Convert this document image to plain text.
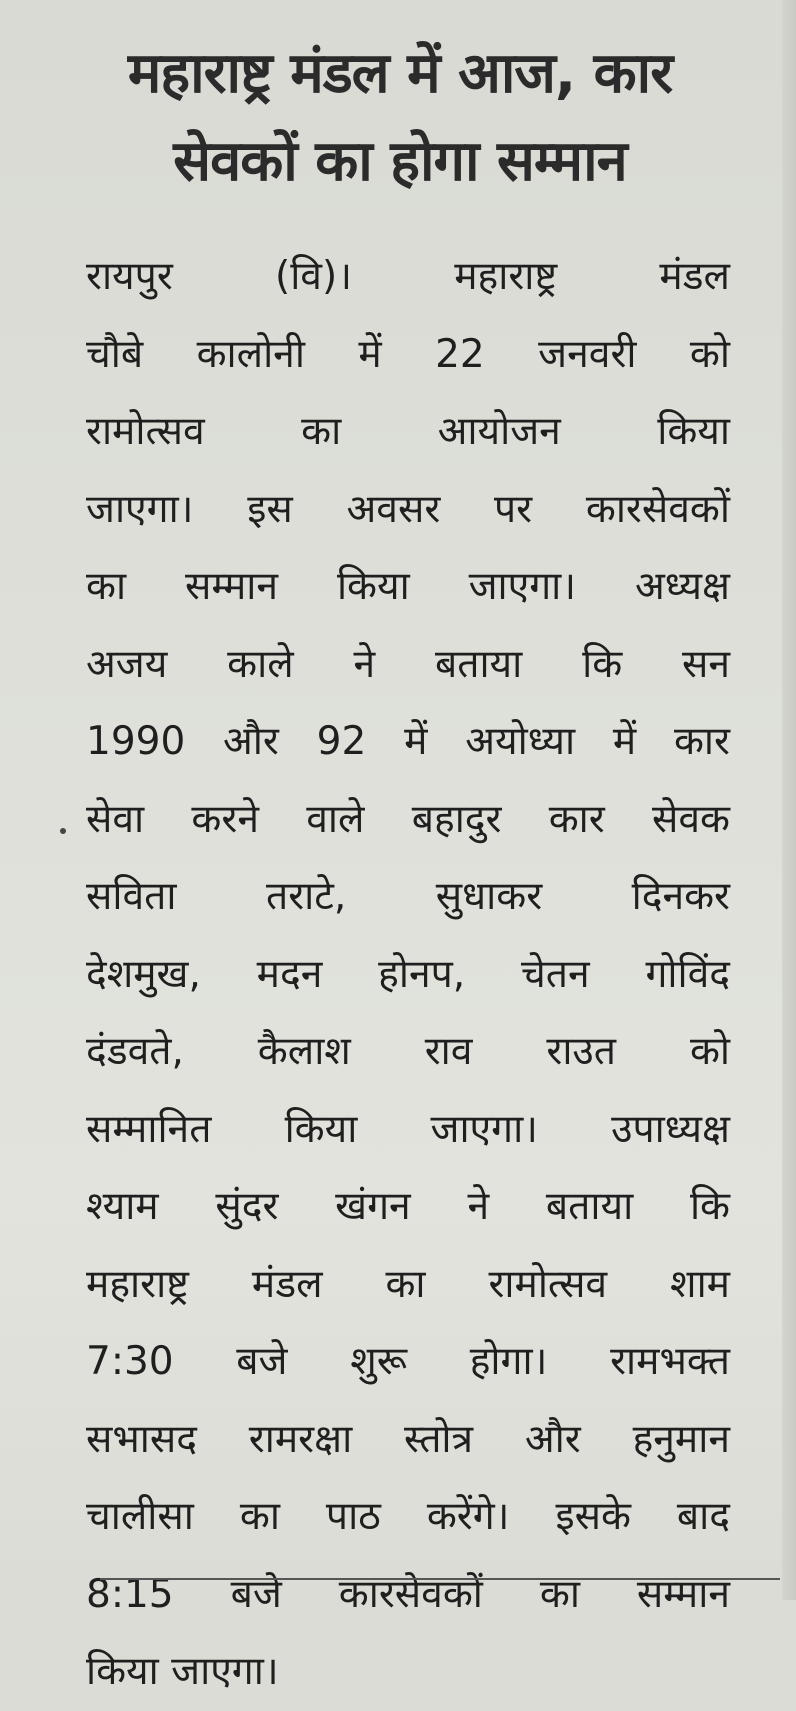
महाराष्ट्र मंडल में आज, कार
सेवकों का होगा सम्मान
रायपुर (वि)। महाराष्ट्र मंडल
चौबे कालोनी में 22 जनवरी को
रामोत्सव का आयोजन किया
जाएगा। इस अवसर पर कारसेवकों
का सम्मान किया जाएगा। अध्यक्ष
अजय काले ने बताया कि सन
1990 और 92 में अयोध्या में कार
सेवा करने वाले बहादुर कार सेवक
सविता तराटे, सुधाकर दिनकर
देशमुख, मदन होनप, चेतन गोविंद
दंडवते, कैलाश राव राउत को
सम्मानित किया जाएगा। उपाध्यक्ष
श्याम सुंदर खंगन ने बताया कि
महाराष्ट्र मंडल का रामोत्सव शाम
7:30 बजे शुरू होगा। रामभक्त
सभासद रामरक्षा स्तोत्र और हनुमान
चालीसा का पाठ करेंगे। इसके बाद
8:15 बजे कारसेवकों का सम्मान
किया जाएगा।
